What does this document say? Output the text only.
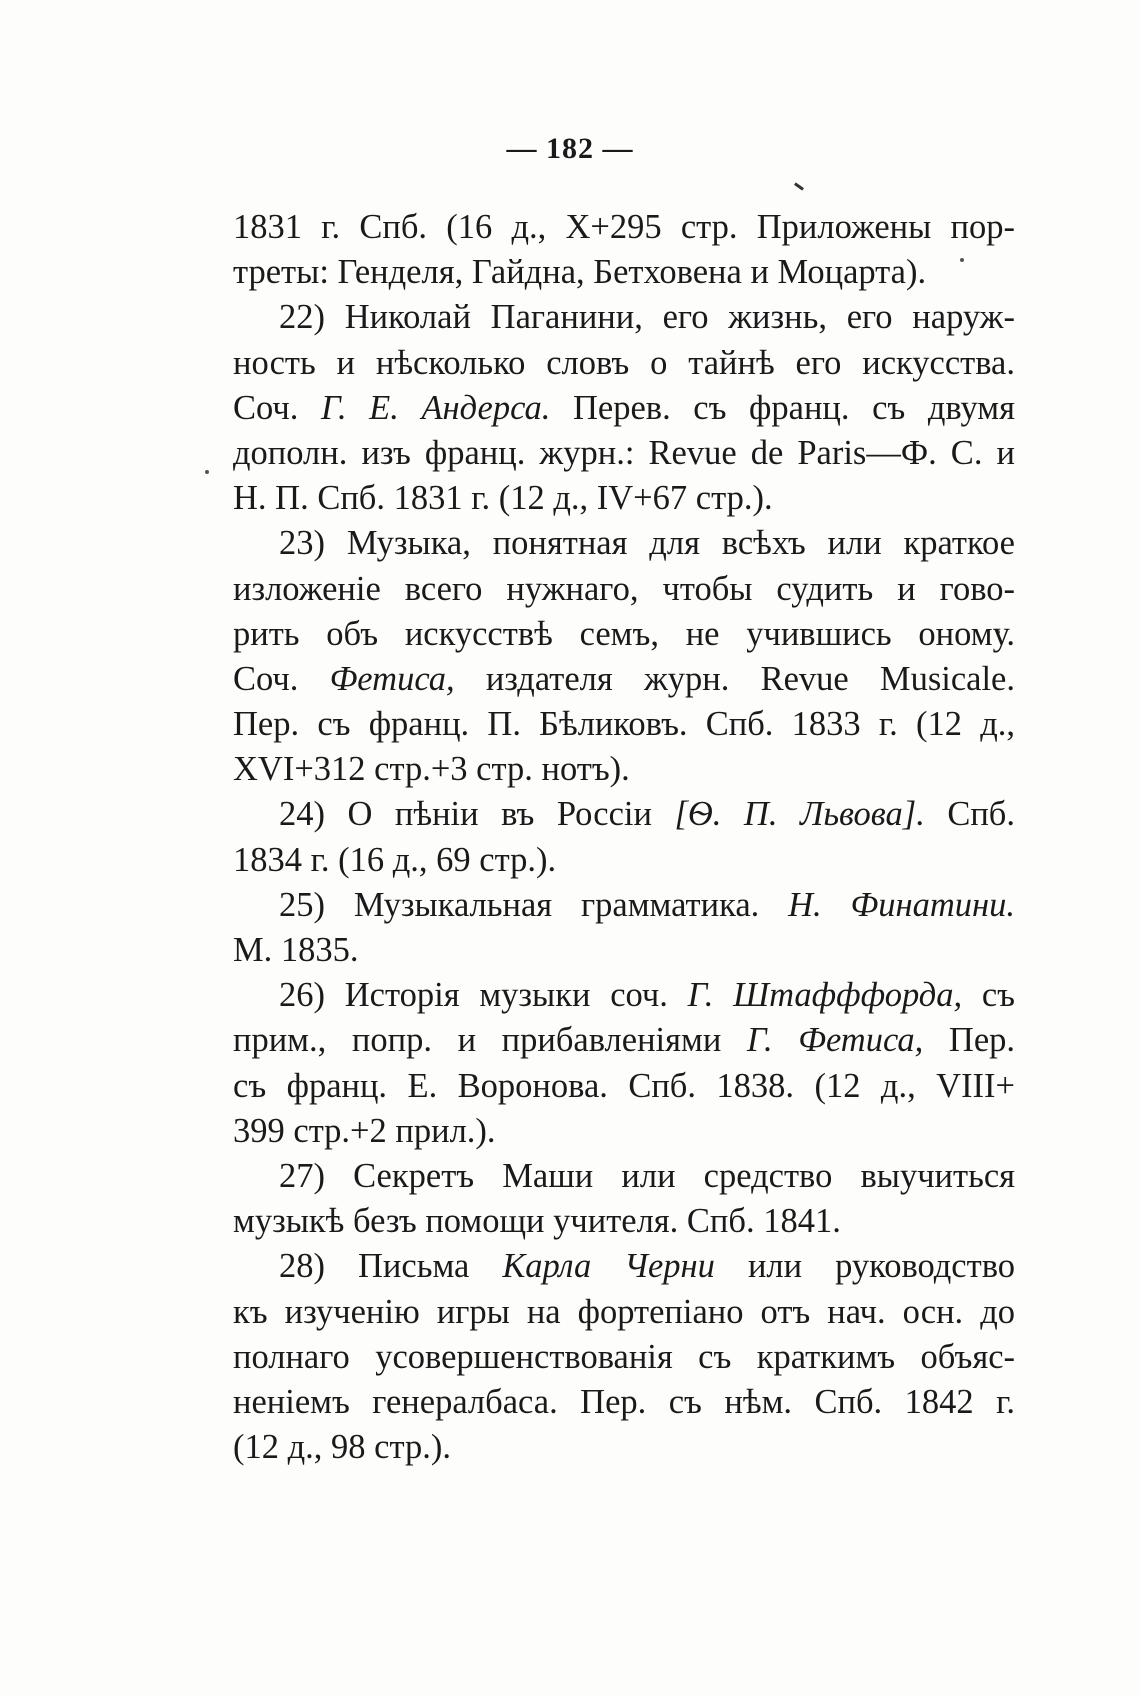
— 182 —
1831 г. Спб. (16 д., X+295 стр. Приложены пор-
треты: Генделя, Гайдна, Бетховена и Моцарта).
22) Николай Паганини, его жизнь, его наруж-
ность и нѣсколько словъ о тайнѣ его искусства.
Соч. Г. Е. Андерса. Перев. съ франц. съ двумя
дополн. изъ франц. журн.: Revue de Paris—Ф. С. и
Н. П. Спб. 1831 г. (12 д., IV+67 стр.).
23) Музыка, понятная для всѣхъ или краткое
изложеніе всего нужнаго, чтобы судить и гово-
рить объ искусствѣ семъ, не учившись оному.
Соч. Фетиса, издателя журн. Revue Musicale.
Пер. съ франц. П. Бѣликовъ. Спб. 1833 г. (12 д.,
XVI+312 стр.+3 стр. нотъ).
24) О пѣніи въ Россіи [Ѳ. П. Львова]. Спб.
1834 г. (16 д., 69 стр.).
25) Музыкальная грамматика. Н. Финатини.
М. 1835.
26) Исторія музыки соч. Г. Штафффорда, съ
прим., попр. и прибавленіями Г. Фетиса, Пер.
съ франц. Е. Воронова. Спб. 1838. (12 д., VIII+
399 стр.+2 прил.).
27) Секретъ Маши или средство выучиться
музыкѣ безъ помощи учителя. Спб. 1841.
28) Письма Карла Черни или руководство
къ изученію игры на фортепіано отъ нач. осн. до
полнаго усовершенствованія съ краткимъ объяс-
неніемъ генералбаса. Пер. съ нѣм. Спб. 1842 г.
(12 д., 98 стр.).
